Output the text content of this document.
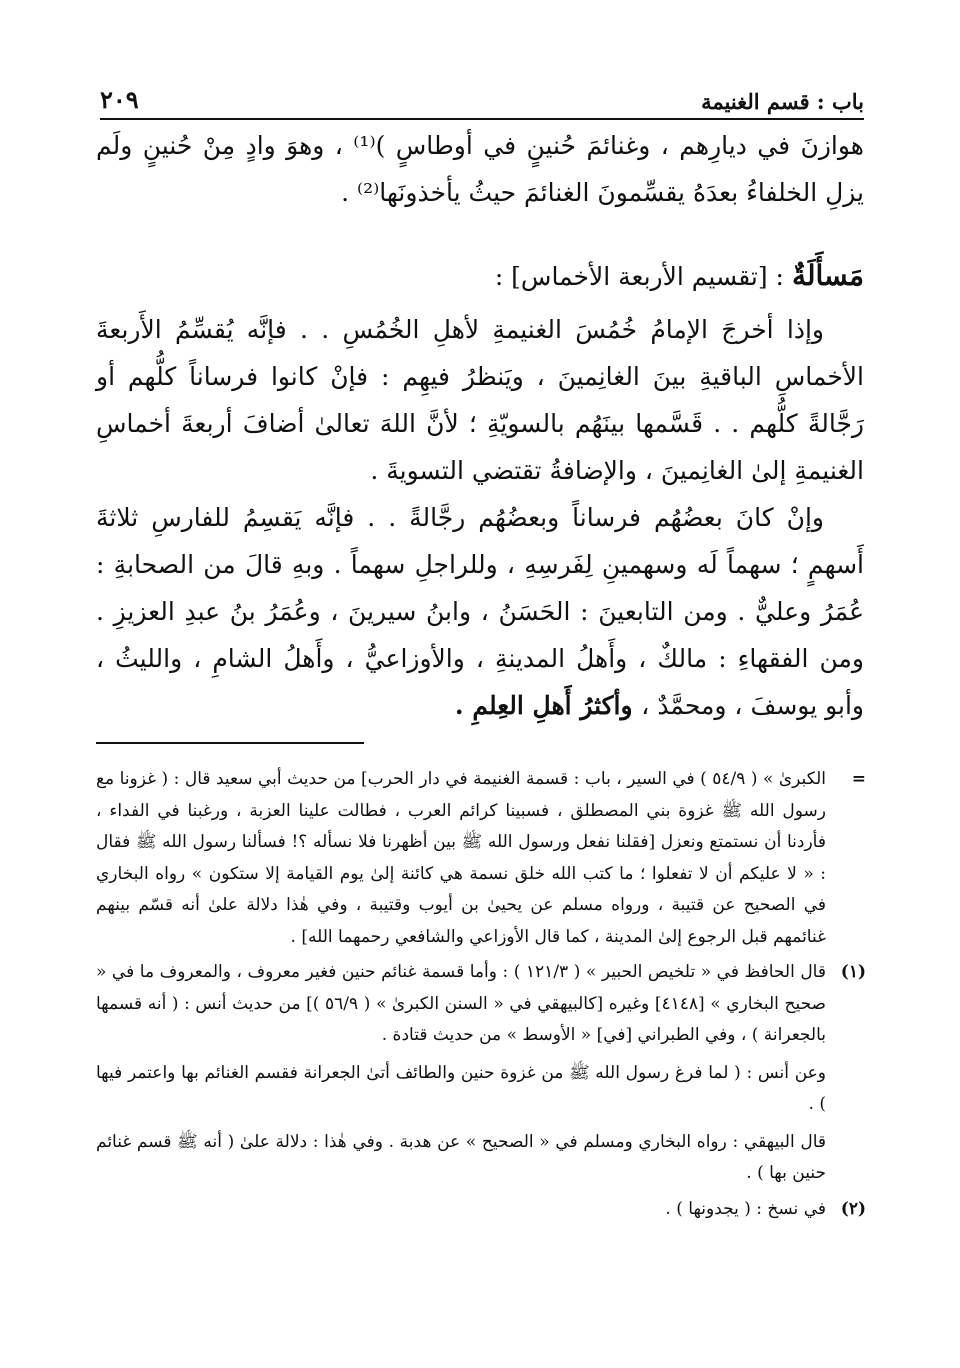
باب : قسم الغنيمة
٢٠٩

هوازنَ في ديارِهم ، وغنائمَ حُنينٍ في أوطاسٍ )⁽¹⁾ ، وهوَ وادٍ مِنْ حُنينٍ ولَم يزلِ الخلفاءُ بعدَهُ يقسِّمونَ الغنائمَ حيثُ يأخذونَها⁽²⁾ .

مَسأَلَةٌ : [تقسيم الأربعة الأخماس] :

وإذا أخرجَ الإمامُ خُمُسَ الغنيمةِ لأهلِ الخُمُسِ . . فإنَّه يُقسِّمُ الأَربعةَ الأخماسِ الباقيةِ بينَ الغانِمينَ ، ويَنظرُ فيهِم : فإنْ كانوا فرساناً كلُّهم أو رَجَّالةً كلُّهم . . قَسَّمها بينَهُم بالسويّةِ ؛ لأنَّ اللهَ تعالىٰ أضافَ أربعةَ أخماسِ الغنيمةِ إلىٰ الغانِمينَ ، والإضافةُ تقتضي التسويةَ .

وإنْ كانَ بعضُهُم فرساناً وبعضُهُم رجَّالةً . . فإنَّه يَقسِمُ للفارسِ ثلاثةَ أَسهمٍ ؛ سهماً لَه وسهمينِ لِفَرسِهِ ، وللراجلِ سهماً . وبهِ قالَ من الصحابةِ : عُمَرُ وعليٌّ . ومن التابعينَ : الحَسَنُ ، وابنُ سيرينَ ، وعُمَرُ بنُ عبدِ العزيزِ . ومن الفقهاءِ : مالكٌ ، وأَهلُ المدينةِ ، والأوزاعيُّ ، وأَهلُ الشامِ ، والليثُ ، وأبو يوسفَ ، ومحمَّدٌ ، وأكثرُ أَهلِ العِلمِ .

=

الكبرىٰ » ( ٥٤/٩ ) في السير ، باب : قسمة الغنيمة في دار الحرب] من حديث أبي سعيد قال : ( غزونا مع رسول الله ﷺ غزوة بني المصطلق ، فسبينا كرائم العرب ، فطالت علينا العزبة ، ورغبنا في الفداء ، فأردنا أن نستمتع ونعزل [فقلنا نفعل ورسول الله ﷺ بين أظهرنا فلا نسأله ؟! فسألنا رسول الله ﷺ فقال : « لا عليكم أن لا تفعلوا ؛ ما كتب الله خلق نسمة هي كائنة إلىٰ يوم القيامة إلا ستكون » رواه البخاري في الصحيح عن قتيبة ، ورواه مسلم عن يحيىٰ بن أيوب وقتيبة ، وفي هٰذا دلالة علىٰ أنه قسّم بينهم غنائمهم قبل الرجوع إلىٰ المدينة ، كما قال الأوزاعي والشافعي رحمهما الله] .

(١)

قال الحافظ في « تلخيص الحبير » ( ١٢١/٣ ) : وأما قسمة غنائم حنين فغير معروف ، والمعروف ما في « صحيح البخاري » [٤١٤٨] وغيره [كالبيهقي في « السنن الكبرىٰ » ( ٥٦/٩ )] من حديث أنس : ( أنه قسمها بالجعرانة ) ، وفي الطبراني [في] « الأوسط » من حديث قتادة .

وعن أنس : ( لما فرغ رسول الله ﷺ من غزوة حنين والطائف أتىٰ الجعرانة فقسم الغنائم بها واعتمر فيها ) .

قال البيهقي : رواه البخاري ومسلم في « الصحيح » عن هدبة . وفي هٰذا : دلالة علىٰ ( أنه ﷺ قسم غنائم حنين بها ) .

(٢)

في نسخ : ( يجدونها ) .
